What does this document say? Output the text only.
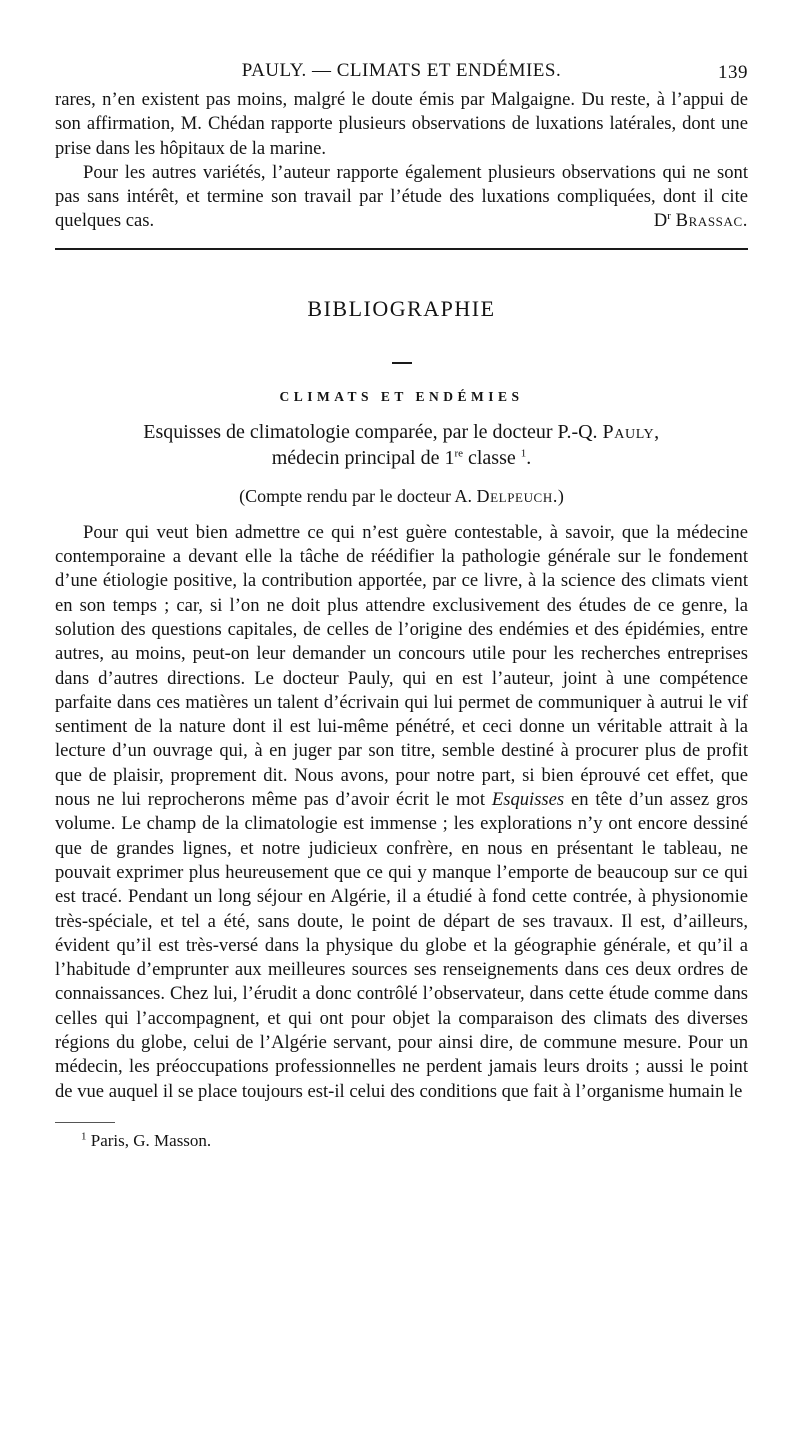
PAULY. — CLIMATS ET ENDÉMIES.	139

rares, n’en existent pas moins, malgré le doute émis par Malgaigne. Du reste, à l’appui de son affirmation, M. Chédan rapporte plusieurs observations de luxations latérales, dont une prise dans les hôpitaux de la marine.

Pour les autres variétés, l’auteur rapporte également plusieurs observations qui ne sont pas sans intérêt, et termine son travail par l’étude des luxations compliquées, dont il cite quelques cas.	$D^r$ Brassac.

BIBLIOGRAPHIE
CLIMATS ET ENDÉMIES
Esquisses de climatologie comparée, par le docteur P.-Q. Pauly,
médecin principal de 1re classe $^1$.
(Compte rendu par le docteur A. Delpeuch.)

Pour qui veut bien admettre ce qui n’est guère contestable, à savoir, que la médecine contemporaine a devant elle la tâche de réédifier la pathologie générale sur le fondement d’une étiologie positive, la contribution apportée, par ce livre, à la science des climats vient en son temps ; car, si l’on ne doit plus attendre exclusivement des études de ce genre, la solution des questions capitales, de celles de l’origine des endémies et des épidémies, entre autres, au moins, peut-on leur demander un concours utile pour les recherches entreprises dans d’autres directions. Le docteur Pauly, qui en est l’auteur, joint à une compétence parfaite dans ces matières un talent d’écrivain qui lui permet de communiquer à autrui le vif sentiment de la nature dont il est lui-même pénétré, et ceci donne un véritable attrait à la lecture d’un ouvrage qui, à en juger par son titre, semble destiné à procurer plus de profit que de plaisir, proprement dit. Nous avons, pour notre part, si bien éprouvé cet effet, que nous ne lui reprocherons même pas d’avoir écrit le mot Esquisses en tête d’un assez gros volume. Le champ de la climatologie est immense ; les explorations n’y ont encore dessiné que de grandes lignes, et notre judicieux confrère, en nous en présentant le tableau, ne pouvait exprimer plus heureusement que ce qui y manque l’emporte de beaucoup sur ce qui est tracé. Pendant un long séjour en Algérie, il a étudié à fond cette contrée, à physionomie très-spéciale, et tel a été, sans doute, le point de départ de ses travaux. Il est, d’ailleurs, évident qu’il est très-versé dans la physique du globe et la géographie générale, et qu’il a l’habitude d’emprunter aux meilleures sources ses renseignements dans ces deux ordres de connaissances. Chez lui, l’érudit a donc contrôlé l’observateur, dans cette étude comme dans celles qui l’accompagnent, et qui ont pour objet la comparaison des climats des diverses régions du globe, celui de l’Algérie servant, pour ainsi dire, de commune mesure. Pour un médecin, les préoccupations professionnelles ne perdent jamais leurs droits ; aussi le point de vue auquel il se place toujours est-il celui des conditions que fait à l’organisme humain le

$^1$ Paris, G. Masson.
